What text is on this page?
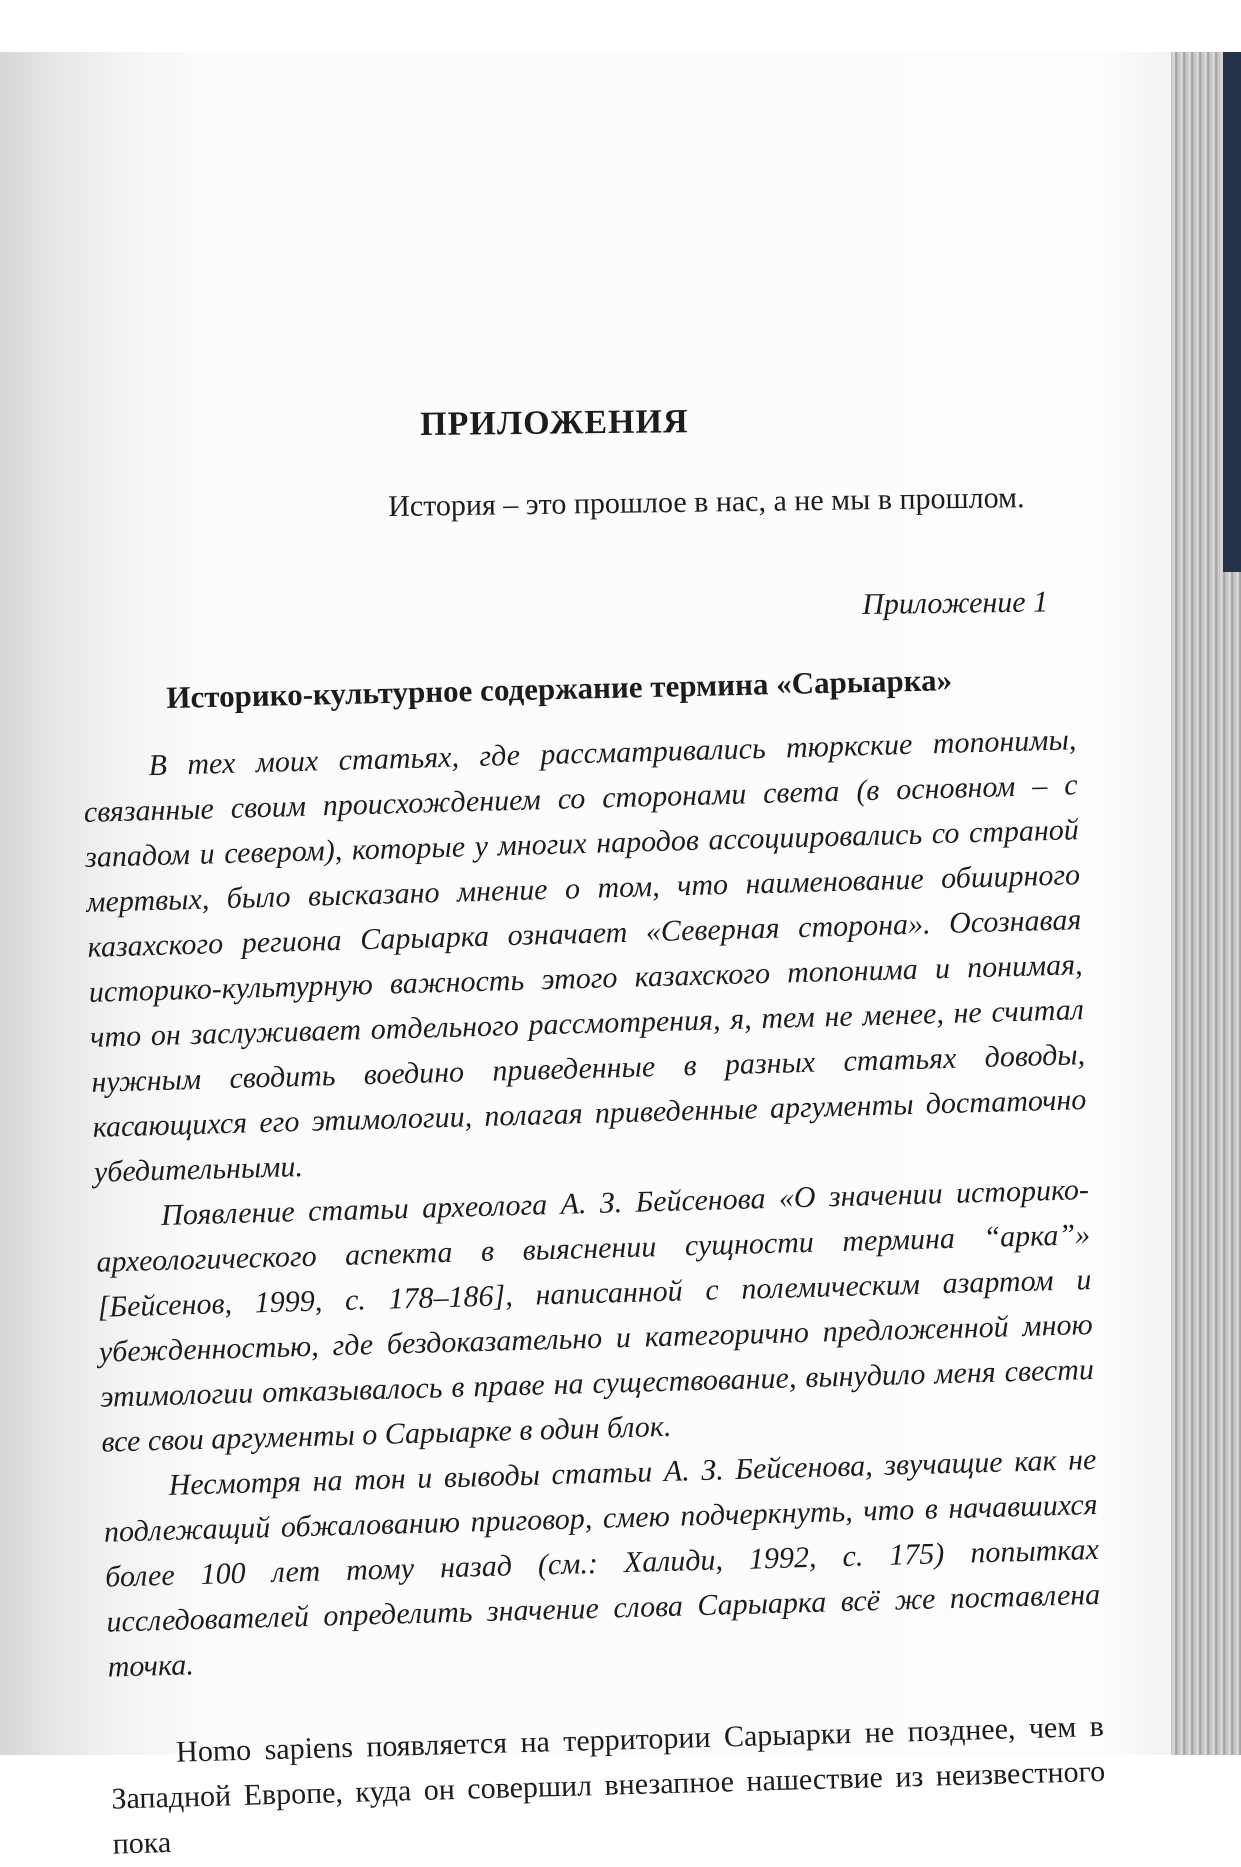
ПРИЛОЖЕНИЯ
История – это прошлое в нас, а не мы в прошлом.
Приложение 1
Историко-культурное содержание термина «Сарыарка»

В тех моих статьях, где рассматривались тюркские топонимы, связанные своим происхождением со сторонами света (в основном – с западом и севером), которые у многих народов ассоциировались со страной мертвых, было высказано мнение о том, что наименование обширного казахского региона Сарыарка означает «Северная сторона». Осознавая историко-культурную важность этого казахского топонима и понимая, что он заслуживает отдельного рассмотрения, я, тем не менее, не считал нужным сводить воедино приведенные в разных статьях доводы, касающихся его этимологии, полагая приведенные аргументы достаточно убедительными.

Появление статьи археолога А. З. Бейсенова «О значении историко-археологического аспекта в выяснении сущности термина “арка”» [Бейсенов, 1999, с. 178–186], написанной с полемическим азартом и убежденностью, где бездоказательно и категорично предложенной мною этимологии отказывалось в праве на существование, вынудило меня свести все свои аргументы о Сарыарке в один блок.

Несмотря на тон и выводы статьи А. З. Бейсенова, звучащие как не подлежащий обжалованию приговор, смею подчеркнуть, что в начавшихся более 100 лет тому назад (см.: Халиди, 1992, с. 175) попытках исследователей определить значение слова Сарыарка всё же поставлена точка.

Homo sapiens появляется на территории Сарыарки не позднее, чем в Западной Европе, куда он совершил внезапное нашествие из неизвестного пока
